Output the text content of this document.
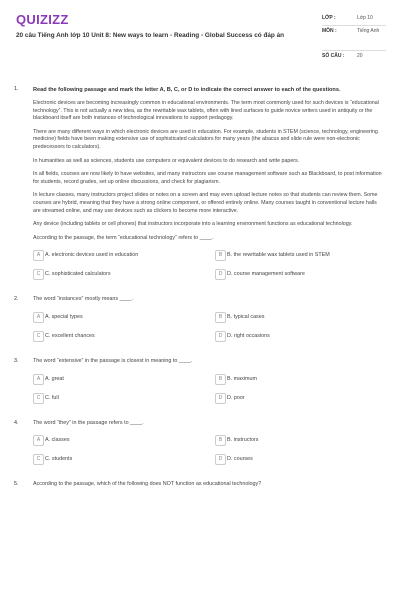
QUIZIZZ
20 câu Tiếng Anh lớp 10 Unit 8: New ways to learn - Reading - Global Success có đáp án
LỚP :	Lớp 10
MÔN :	Tiếng Anh
SỐ CÂU :	20
1.	Read the following passage and mark the letter A, B, C, or D to indicate the correct answer to each of the questions.

Electronic devices are becoming increasingly common in educational environments. The term most commonly used for such devices is “educational technology”. This is not actually a new idea, as the rewritable wax tablets, often with lined surfaces to guide novice writers used in antiquity or the blackboard itself are both instances of technological innovations to support pedagogy.

There are many different ways in which electronic devices are used in education. For example, students in STEM (science, technology, engineering medicine) fields have been making extensive use of sophisticated calculators for many years (the abacus and slide rule were non-electronic predecessors to calculators).

In humanities as well as sciences, students use computers or equivalent devices to do research and write papers.

In all fields, courses are now likely to have websites, and many instructors use course management software such as Blackboard, to post information for students, record grades, set up online discussions, and check for plagiarism.

In lecture classes, many instructors project slides or notes on a screen and may even upload lecture notes so that students can review them. Some courses are hybrid, meaning that they have a strong online component, or offered entirely online. Many courses taught in conventional lecture halls are streamed online, and may use devices such as clickers to become more interactive.

Any device (including tablets or cell phones) that instructors incorporate into a learning environment functions as educational technology.

According to the passage, the term “educational technology” refers to ____.

A A. electronic devices used in education	B B. the rewritable wax tablets used in STEM
C C. sophisticated calculators	D D. course management software
2.	The word “instances” mostly means ____.

A A. special types	B B. typical cases
C C. excellent chances	D D. right occasions
3.	The word “extensive” in the passage is closest in meaning to ____.

A A. great	B B. maximum
C C. full	D D. poor
4.	The word “they” in the passage refers to ____.

A A. classes	B B. instructors
C C. students	D D. courses
5.	According to the passage, which of the following does NOT function as educational technology?
